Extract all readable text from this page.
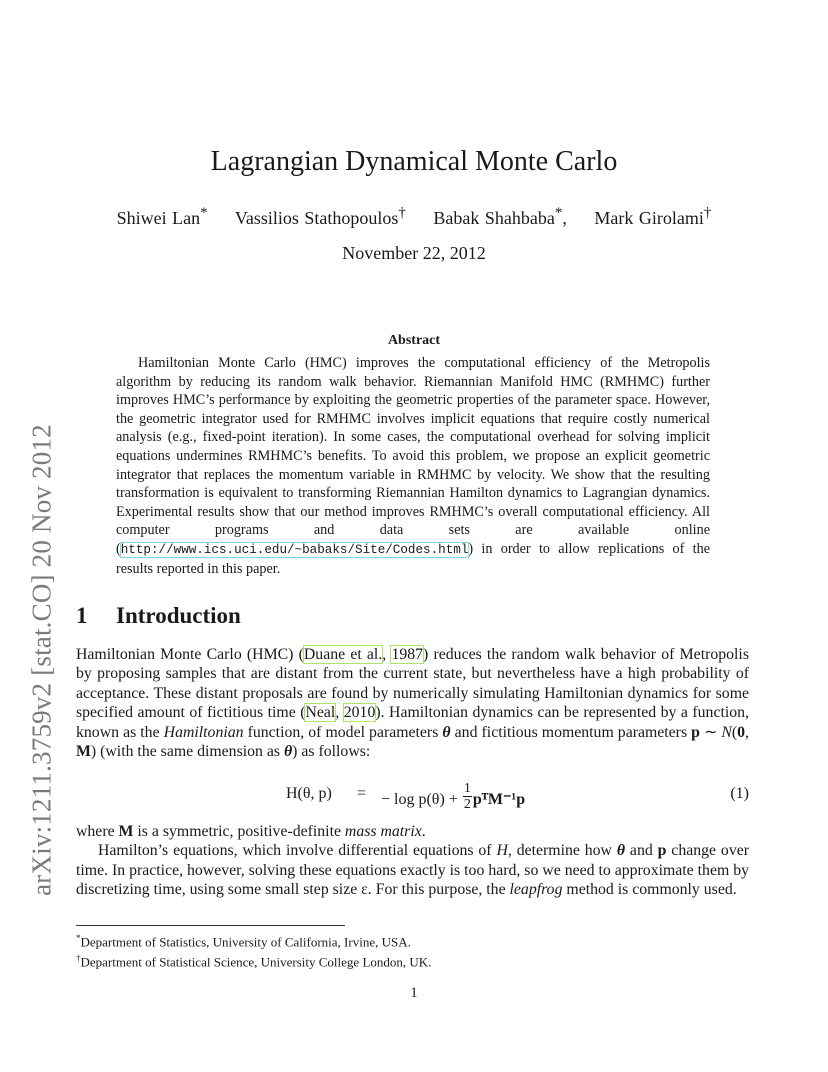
arXiv:1211.3759v2 [stat.CO] 20 Nov 2012
Lagrangian Dynamical Monte Carlo
Shiwei Lan* Vassilios Stathopoulos† Babak Shahbaba*, Mark Girolami†
November 22, 2012
Abstract
Hamiltonian Monte Carlo (HMC) improves the computational efficiency of the Metropolis algorithm by reducing its random walk behavior. Riemannian Manifold HMC (RMHMC) further improves HMC’s performance by exploiting the geometric properties of the parameter space. However, the geometric integrator used for RMHMC involves implicit equations that require costly numerical analysis (e.g., fixed-point iteration). In some cases, the computational overhead for solving implicit equations undermines RMHMC’s benefits. To avoid this problem, we propose an explicit geometric integrator that replaces the momentum variable in RMHMC by velocity. We show that the resulting transformation is equivalent to transforming Riemannian Hamilton dynamics to Lagrangian dynamics. Experimental results show that our method improves RMHMC’s overall computational efficiency. All computer programs and data sets are available online (http://www.ics.uci.edu/~babaks/Site/Codes.html) in order to allow replications of the results reported in this paper.
1 Introduction
Hamiltonian Monte Carlo (HMC) (Duane et al., 1987) reduces the random walk behavior of Metropolis by proposing samples that are distant from the current state, but nevertheless have a high probability of acceptance. These distant proposals are found by numerically simulating Hamiltonian dynamics for some specified amount of fictitious time (Neal, 2010). Hamiltonian dynamics can be represented by a function, known as the Hamiltonian function, of model parameters θ and fictitious momentum parameters p ∼ N(0, M) (with the same dimension as θ) as follows:
H(θ, p) = − $\log p(\theta) + \frac{1}{2}$ pᵀM⁻¹p	(1)

where M is a symmetric, positive-definite mass matrix.

Hamilton’s equations, which involve differential equations of H, determine how θ and p change over time. In practice, however, solving these equations exactly is too hard, so we need to approximate them by discretizing time, using some small step size ε. For this purpose, the leapfrog method is commonly used.

*Department of Statistics, University of California, Irvine, USA.
†Department of Statistical Science, University College London, UK.
1
